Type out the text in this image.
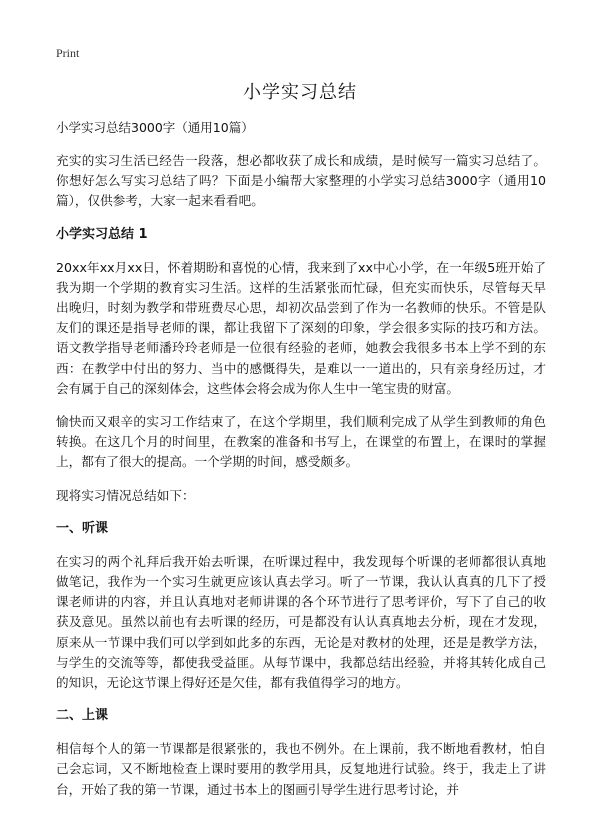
Print
小学实习总结

小学实习总结3000字（通用10篇）

充实的实习生活已经告一段落，想必都收获了成长和成绩，是时候写一篇实习总结了。你想好怎么写实习总结了吗？下面是小编帮大家整理的小学实习总结3000字（通用10篇），仅供参考，大家一起来看看吧。

小学实习总结 1

20xx年xx月xx日，怀着期盼和喜悦的心情，我来到了xx中心小学，在一年级5班开始了我为期一个学期的教育实习生活。这样的生活紧张而忙碌，但充实而快乐，尽管每天早出晚归，时刻为教学和带班费尽心思，却初次品尝到了作为一名教师的快乐。不管是队友们的课还是指导老师的课，都让我留下了深刻的印象，学会很多实际的技巧和方法。语文教学指导老师潘玲玲老师是一位很有经验的老师，她教会我很多书本上学不到的东西：在教学中付出的努力、当中的感慨得失，是难以一一道出的，只有亲身经历过，才会有属于自己的深刻体会，这些体会将会成为你人生中一笔宝贵的财富。

愉快而又艰辛的实习工作结束了，在这个学期里，我们顺利完成了从学生到教师的角色转换。在这几个月的时间里，在教案的准备和书写上，在课堂的布置上，在课时的掌握上，都有了很大的提高。一个学期的时间，感受颇多。

现将实习情况总结如下：

一、听课

在实习的两个礼拜后我开始去听课，在听课过程中，我发现每个听课的老师都很认真地做笔记，我作为一个实习生就更应该认真去学习。听了一节课，我认认真真的几下了授课老师讲的内容，并且认真地对老师讲课的各个环节进行了思考评价，写下了自己的收获及意见。虽然以前也有去听课的经历，可是都没有认认真真地去分析，现在才发现，原来从一节课中我们可以学到如此多的东西，无论是对教材的处理，还是是教学方法，与学生的交流等等，都使我受益匪。从每节课中，我都总结出经验，并将其转化成自己的知识，无论这节课上得好还是欠佳，都有我值得学习的地方。

二、上课

相信每个人的第一节课都是很紧张的，我也不例外。在上课前，我不断地看教材，怕自己会忘词，又不断地检查上课时要用的教学用具，反复地进行试验。终于，我走上了讲台，开始了我的第一节课，通过书本上的图画引导学生进行思考讨论，并
